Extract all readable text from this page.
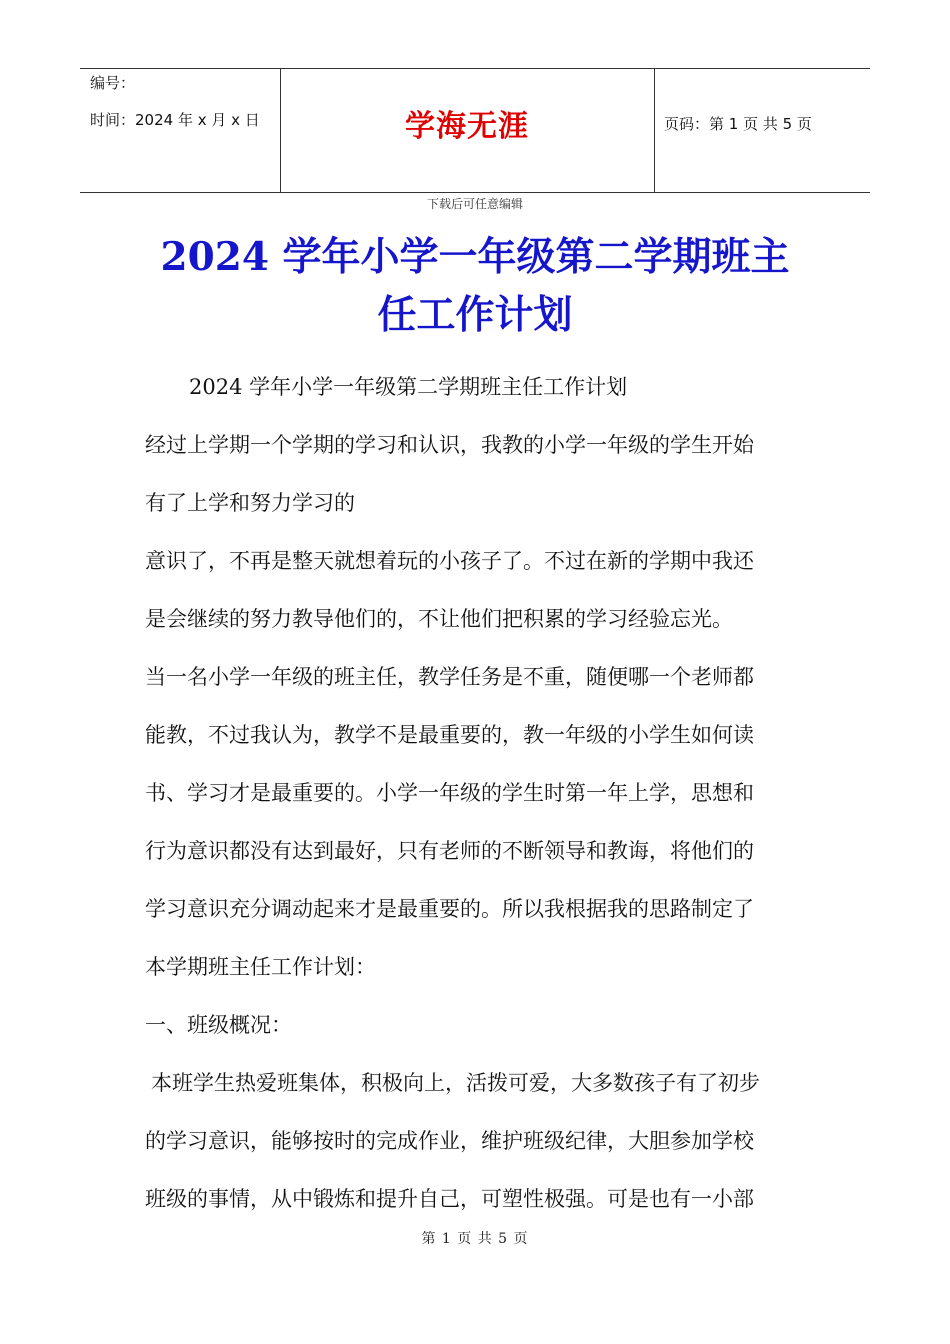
编号：
时间：2024 年 x 月 x 日	学海无涯	页码：第 1 页 共 5 页
下载后可任意编辑
2024 学年小学一年级第二学期班主
任工作计划

2024 学年小学一年级第二学期班主任工作计划

经过上学期一个学期的学习和认识，我教的小学一年级的学生开始

有了上学和努力学习的

意识了，不再是整天就想着玩的小孩子了。不过在新的学期中我还

是会继续的努力教导他们的，不让他们把积累的学习经验忘光。

当一名小学一年级的班主任，教学任务是不重，随便哪一个老师都

能教，不过我认为，教学不是最重要的，教一年级的小学生如何读

书、学习才是最重要的。小学一年级的学生时第一年上学，思想和

行为意识都没有达到最好，只有老师的不断领导和教诲，将他们的

学习意识充分调动起来才是最重要的。所以我根据我的思路制定了

本学期班主任工作计划：

一、班级概况：

本班学生热爱班集体，积极向上，活拨可爱，大多数孩子有了初步

的学习意识，能够按时的完成作业，维护班级纪律，大胆参加学校

班级的事情，从中锻炼和提升自己，可塑性极强。可是也有一小部

第 1 页 共 5 页
